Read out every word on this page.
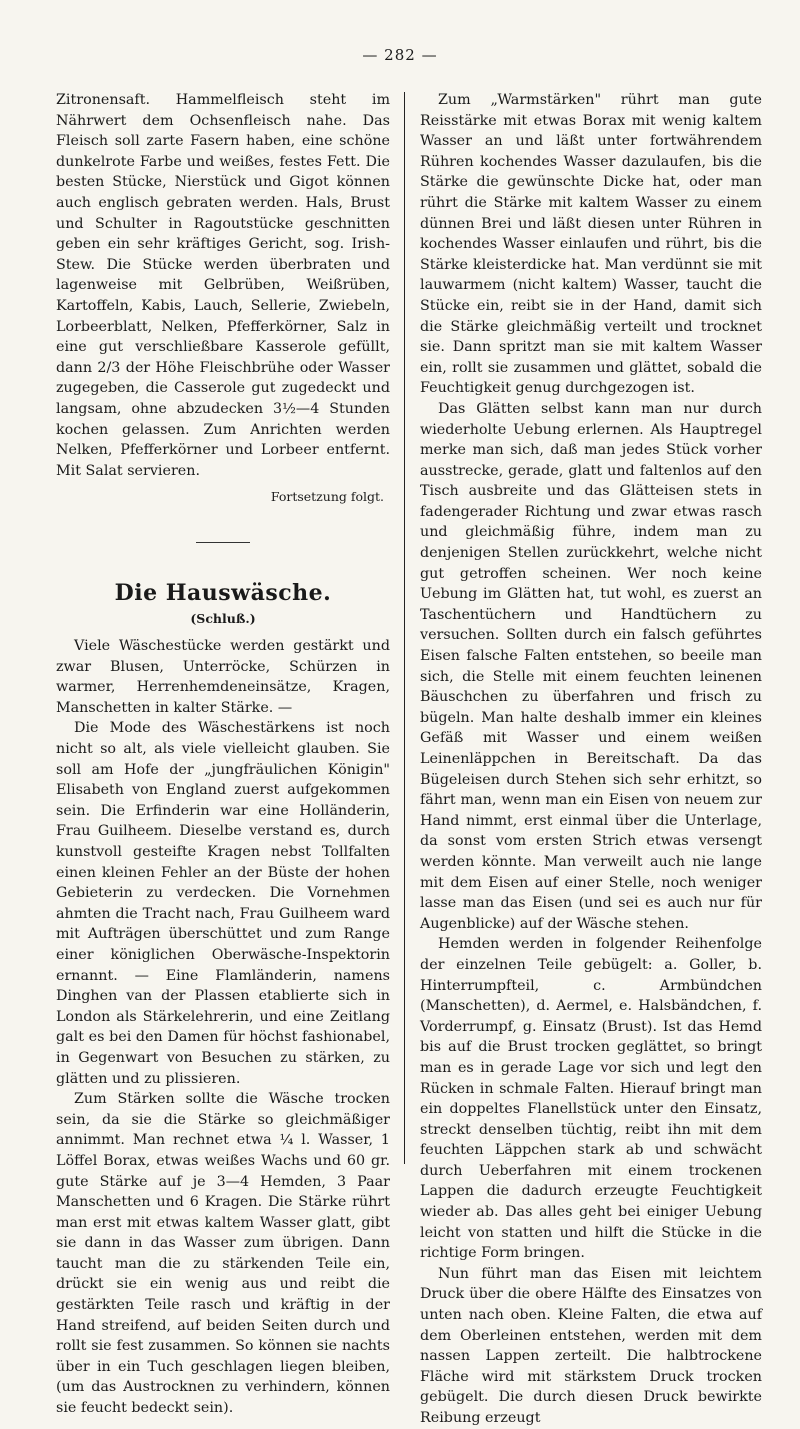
— 282 —

Zitronensaft. Hammelfleisch steht im Nährwert dem Ochsenfleisch nahe. Das Fleisch soll zarte Fasern haben, eine schöne dunkelrote Farbe und weißes, festes Fett. Die besten Stücke, Nierstück und Gigot können auch englisch gebraten werden. Hals, Brust und Schulter in Ragoutstücke geschnitten geben ein sehr kräftiges Gericht, sog. Irish-Stew. Die Stücke werden überbraten und lagenweise mit Gelbrüben, Weißrüben, Kartoffeln, Kabis, Lauch, Sellerie, Zwiebeln, Lorbeerblatt, Nelken, Pfefferkörner, Salz in eine gut verschließbare Kasserole gefüllt, dann 2/3 der Höhe Fleischbrühe oder Wasser zugegeben, die Casserole gut zugedeckt und langsam, ohne abzudecken 3½—4 Stunden kochen gelassen. Zum Anrichten werden Nelken, Pfefferkörner und Lorbeer entfernt. Mit Salat servieren.

Fortsetzung folgt.
Die Hauswäsche.
(Schluß.)

Viele Wäschestücke werden gestärkt und zwar Blusen, Unterröcke, Schürzen in warmer, Herrenhemdeneinsätze, Kragen, Manschetten in kalter Stärke. —

Die Mode des Wäschestärkens ist noch nicht so alt, als viele vielleicht glauben. Sie soll am Hofe der „jungfräulichen Königin" Elisabeth von England zuerst aufgekommen sein. Die Erfinderin war eine Holländerin, Frau Guilheem. Dieselbe verstand es, durch kunstvoll gesteifte Kragen nebst Tollfalten einen kleinen Fehler an der Büste der hohen Gebieterin zu verdecken. Die Vornehmen ahmten die Tracht nach, Frau Guilheem ward mit Aufträgen überschüttet und zum Range einer königlichen Oberwäsche-Inspektorin ernannt. — Eine Flamländerin, namens Dinghen van der Plassen etablierte sich in London als Stärkelehrerin, und eine Zeitlang galt es bei den Damen für höchst fashionabel, in Gegenwart von Besuchen zu stärken, zu glätten und zu plissieren.

Zum Stärken sollte die Wäsche trocken sein, da sie die Stärke so gleichmäßiger annimmt. Man rechnet etwa ¼ l. Wasser, 1 Löffel Borax, etwas weißes Wachs und 60 gr. gute Stärke auf je 3—4 Hemden, 3 Paar Manschetten und 6 Kragen. Die Stärke rührt man erst mit etwas kaltem Wasser glatt, gibt sie dann in das Wasser zum übrigen. Dann taucht man die zu stärkenden Teile ein, drückt sie ein wenig aus und reibt die gestärkten Teile rasch und kräftig in der Hand streifend, auf beiden Seiten durch und rollt sie fest zusammen. So können sie nachts über in ein Tuch geschlagen liegen bleiben, (um das Austrocknen zu verhindern, können sie feucht bedeckt sein).

Zum „Warmstärken" rührt man gute Reisstärke mit etwas Borax mit wenig kaltem Wasser an und läßt unter fortwährendem Rühren kochendes Wasser dazulaufen, bis die Stärke die gewünschte Dicke hat, oder man rührt die Stärke mit kaltem Wasser zu einem dünnen Brei und läßt diesen unter Rühren in kochendes Wasser einlaufen und rührt, bis die Stärke kleisterdicke hat. Man verdünnt sie mit lauwarmem (nicht kaltem) Wasser, taucht die Stücke ein, reibt sie in der Hand, damit sich die Stärke gleichmäßig verteilt und trocknet sie. Dann spritzt man sie mit kaltem Wasser ein, rollt sie zusammen und glättet, sobald die Feuchtigkeit genug durchgezogen ist.

Das Glätten selbst kann man nur durch wiederholte Uebung erlernen. Als Hauptregel merke man sich, daß man jedes Stück vorher ausstrecke, gerade, glatt und faltenlos auf den Tisch ausbreite und das Glätteisen stets in fadengerader Richtung und zwar etwas rasch und gleichmäßig führe, indem man zu denjenigen Stellen zurückkehrt, welche nicht gut getroffen scheinen. Wer noch keine Uebung im Glätten hat, tut wohl, es zuerst an Taschentüchern und Handtüchern zu versuchen. Sollten durch ein falsch geführtes Eisen falsche Falten entstehen, so beeile man sich, die Stelle mit einem feuchten leinenen Bäuschchen zu überfahren und frisch zu bügeln. Man halte deshalb immer ein kleines Gefäß mit Wasser und einem weißen Leinenläppchen in Bereitschaft. Da das Bügeleisen durch Stehen sich sehr erhitzt, so fährt man, wenn man ein Eisen von neuem zur Hand nimmt, erst einmal über die Unterlage, da sonst vom ersten Strich etwas versengt werden könnte. Man verweilt auch nie lange mit dem Eisen auf einer Stelle, noch weniger lasse man das Eisen (und sei es auch nur für Augenblicke) auf der Wäsche stehen.

Hemden werden in folgender Reihenfolge der einzelnen Teile gebügelt: a. Goller, b. Hinterrumpfteil, c. Armbündchen (Manschetten), d. Aermel, e. Halsbändchen, f. Vorderrumpf, g. Einsatz (Brust). Ist das Hemd bis auf die Brust trocken geglättet, so bringt man es in gerade Lage vor sich und legt den Rücken in schmale Falten. Hierauf bringt man ein doppeltes Flanellstück unter den Einsatz, streckt denselben tüchtig, reibt ihn mit dem feuchten Läppchen stark ab und schwächt durch Ueberfahren mit einem trockenen Lappen die dadurch erzeugte Feuchtigkeit wieder ab. Das alles geht bei einiger Uebung leicht von statten und hilft die Stücke in die richtige Form bringen.

Nun führt man das Eisen mit leichtem Druck über die obere Hälfte des Einsatzes von unten nach oben. Kleine Falten, die etwa auf dem Oberleinen entstehen, werden mit dem nassen Lappen zerteilt. Die halbtrockene Fläche wird mit stärkstem Druck trocken gebügelt. Die durch diesen Druck bewirkte Reibung erzeugt
